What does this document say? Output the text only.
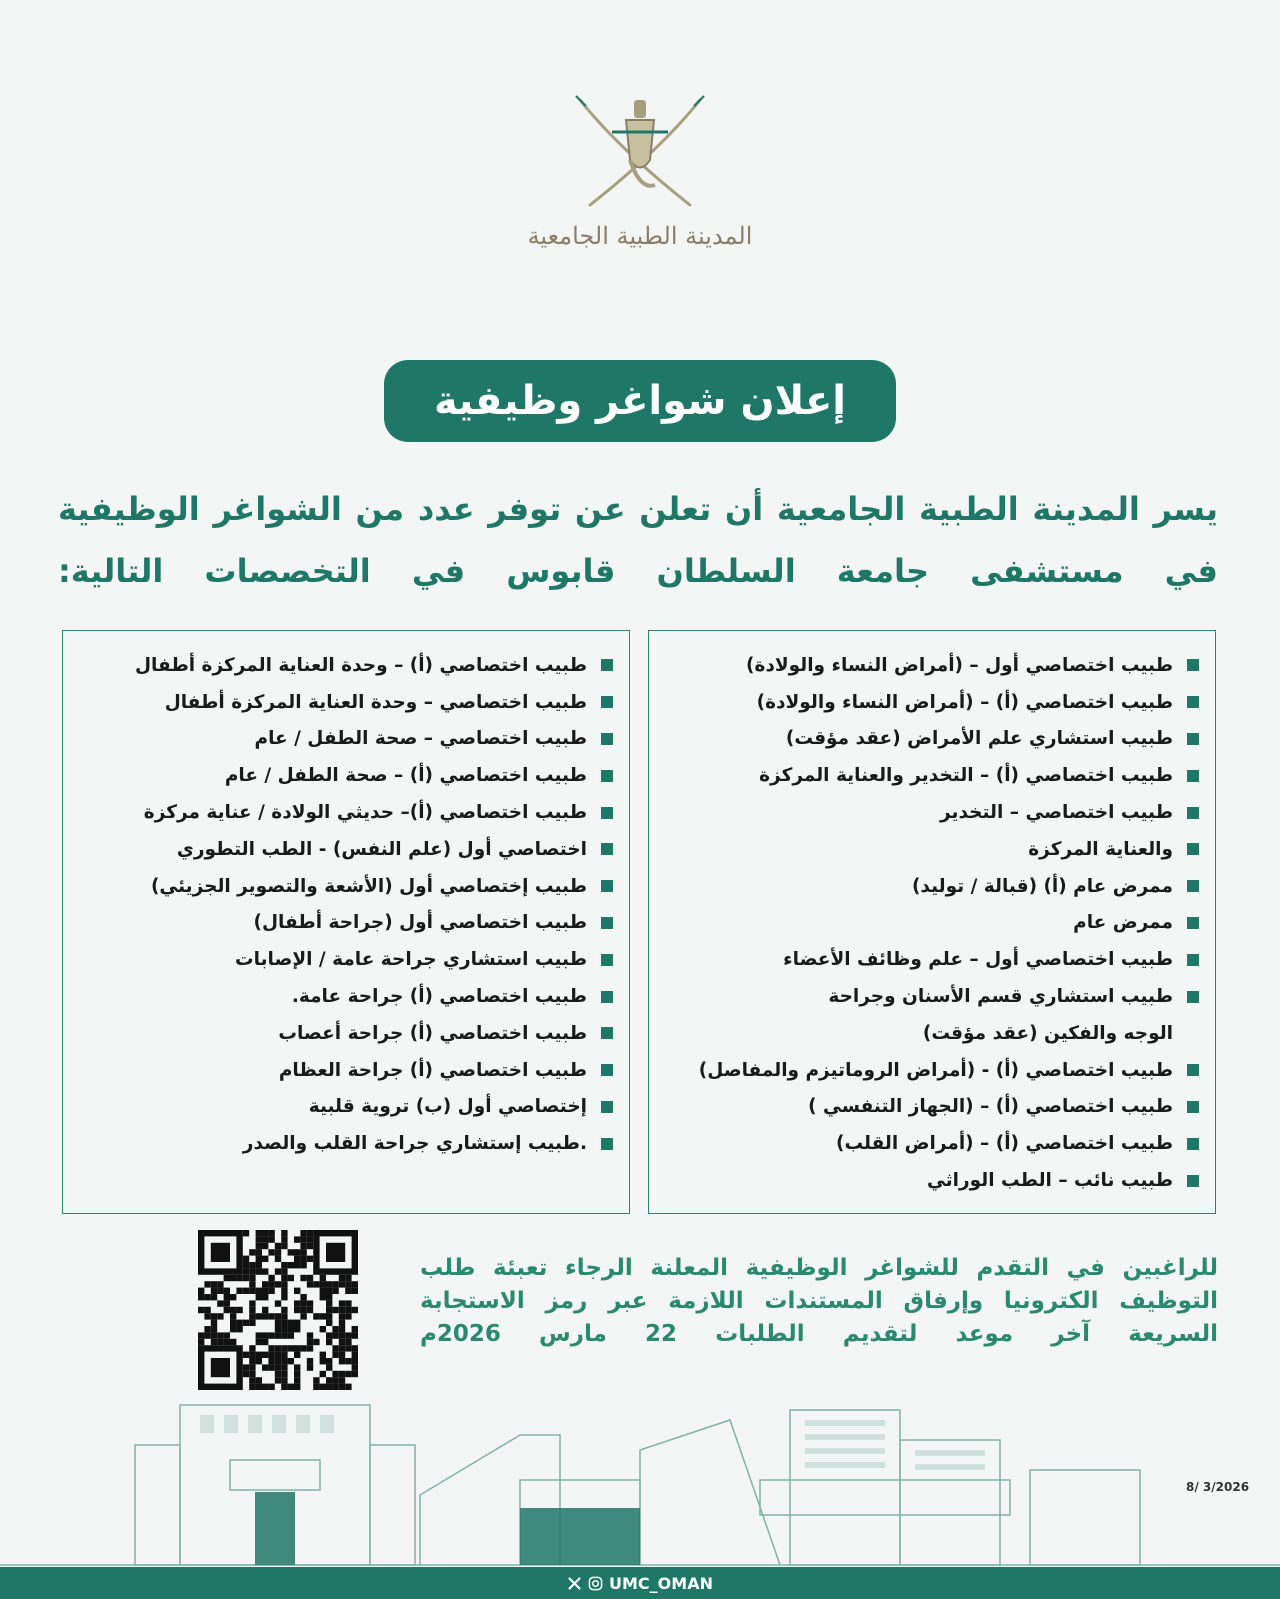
المدينة الطبية الجامعية
إعلان شواغر وظيفية
يسر المدينة الطبية الجامعية أن تعلن عن توفر عدد من الشواغر الوظيفية في مستشفى جامعة السلطان قابوس في التخصصات التالية:
طبيب اختصاصي أول – (أمراض النساء والولادة)
طبيب اختصاصي (أ) – (أمراض النساء والولادة)
طبيب استشاري علم الأمراض (عقد مؤقت)
طبيب اختصاصي (أ) – التخدير والعناية المركزة
طبيب اختصاصي – التخدير
والعناية المركزة
ممرض عام (أ) (قبالة / توليد)
ممرض عام
طبيب اختصاصي أول – علم وظائف الأعضاء
طبيب استشاري قسم الأسنان وجراحة
الوجه والفكين (عقد مؤقت)
طبيب اختصاصي (أ) - (أمراض الروماتيزم والمفاصل)
طبيب اختصاصي (أ) – (الجهاز التنفسي )
طبيب اختصاصي (أ) – (أمراض القلب)
طبيب نائب – الطب الوراثي
طبيب اختصاصي (أ) – وحدة العناية المركزة أطفال
طبيب اختصاصي – وحدة العناية المركزة أطفال
طبيب اختصاصي – صحة الطفل / عام
طبيب اختصاصي (أ) – صحة الطفل / عام
طبيب اختصاصي (أ)– حديثي الولادة / عناية مركزة
اختصاصي أول (علم النفس) - الطب التطوري
طبيب إختصاصي أول (الأشعة والتصوير الجزيئي)
طبيب اختصاصي أول (جراحة أطفال)
طبيب استشاري جراحة عامة / الإصابات
طبيب اختصاصي (أ) جراحة عامة.
طبيب اختصاصي (أ) جراحة أعصاب
طبيب اختصاصي (أ) جراحة العظام
إختصاصي أول (ب) تروية قلبية
.طبيب إستشاري جراحة القلب والصدر
للراغبين في التقدم للشواغر الوظيفية المعلنة الرجاء تعبئة طلب التوظيف الكترونيا وإرفاق المستندات اللازمة عبر رمز الاستجابة السريعة آخر موعد لتقديم الطلبات 22 مارس 2026م
8/ 3/2026
UMC_OMAN
